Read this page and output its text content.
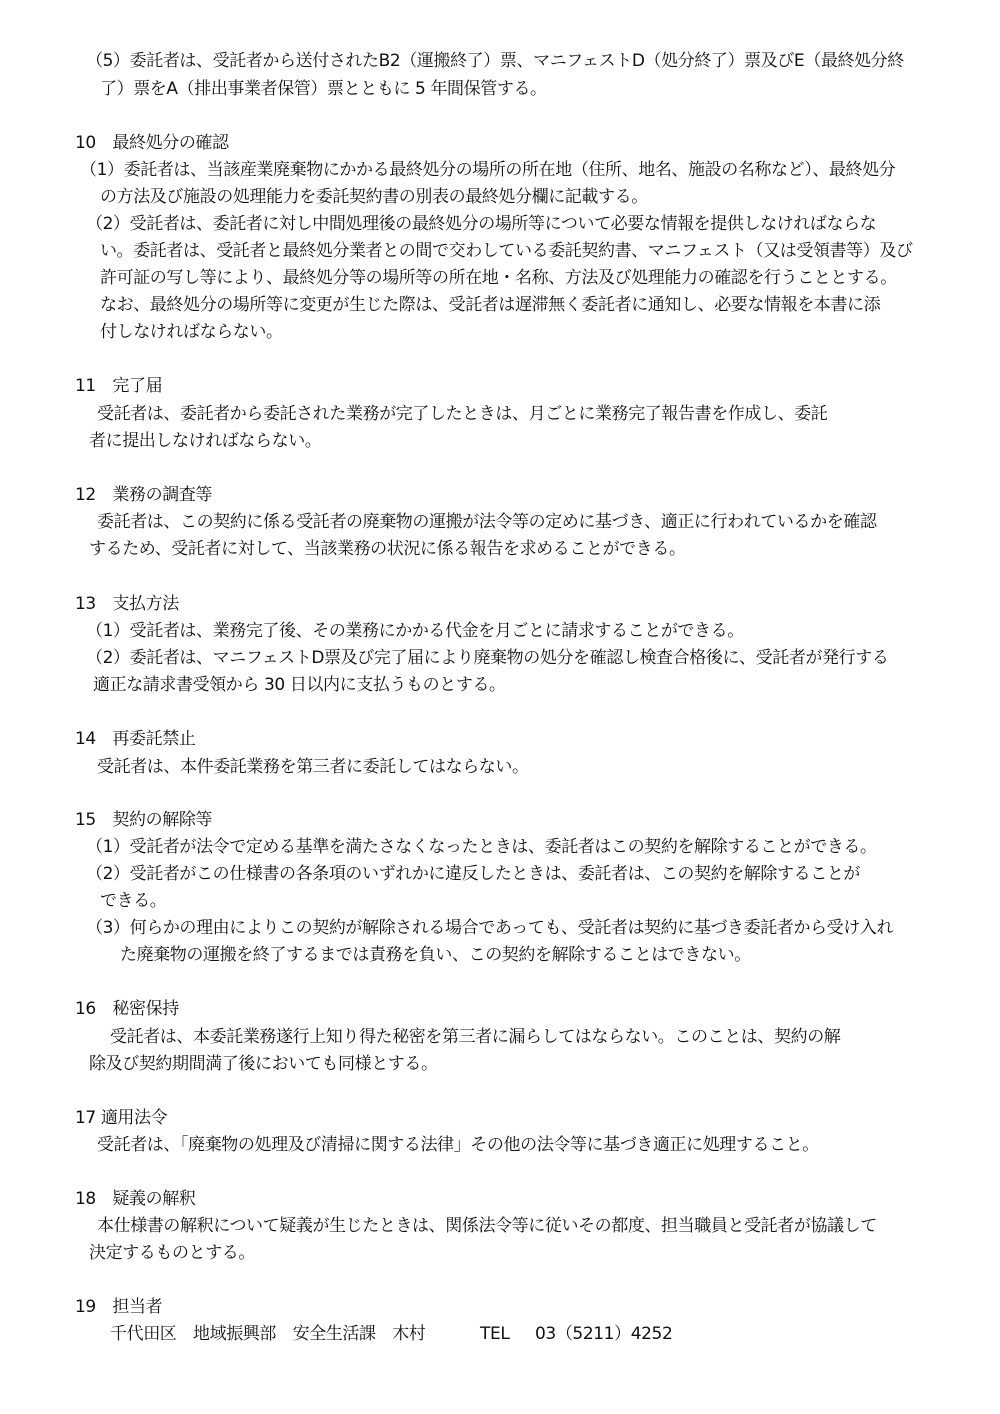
（5）委託者は、受託者から送付されたB2（運搬終了）票、マニフェストD（処分終了）票及びE（最終処分終
了）票をA（排出事業者保管）票とともに 5 年間保管する。
10　最終処分の確認
（1）委託者は、当該産業廃棄物にかかる最終処分の場所の所在地（住所、地名、施設の名称など）、最終処分
の方法及び施設の処理能力を委託契約書の別表の最終処分欄に記載する。
（2）受託者は、委託者に対し中間処理後の最終処分の場所等について必要な情報を提供しなければならな
い。委託者は、受託者と最終処分業者との間で交わしている委託契約書、マニフェスト（又は受領書等）及び
許可証の写し等により、最終処分等の場所等の所在地・名称、方法及び処理能力の確認を行うこととする。
なお、最終処分の場所等に変更が生じた際は、受託者は遅滞無く委託者に通知し、必要な情報を本書に添
付しなければならない。
11　完了届
受託者は、委託者から委託された業務が完了したときは、月ごとに業務完了報告書を作成し、委託
者に提出しなければならない。
12　業務の調査等
委託者は、この契約に係る受託者の廃棄物の運搬が法令等の定めに基づき、適正に行われているかを確認
するため、受託者に対して、当該業務の状況に係る報告を求めることができる。
13　支払方法
（1）受託者は、業務完了後、その業務にかかる代金を月ごとに請求することができる。
（2）委託者は、マニフェストD票及び完了届により廃棄物の処分を確認し検査合格後に、受託者が発行する
適正な請求書受領から 30 日以内に支払うものとする。
14　再委託禁止
受託者は、本件委託業務を第三者に委託してはならない。
15　契約の解除等
（1）受託者が法令で定める基準を満たさなくなったときは、委託者はこの契約を解除することができる。
（2）受託者がこの仕様書の各条項のいずれかに違反したときは、委託者は、この契約を解除することが
できる。
（3）何らかの理由によりこの契約が解除される場合であっても、受託者は契約に基づき委託者から受け入れ
た廃棄物の運搬を終了するまでは責務を負い、この契約を解除することはできない。
16　秘密保持
受託者は、本委託業務遂行上知り得た秘密を第三者に漏らしてはならない。このことは、契約の解
除及び契約期間満了後においても同様とする。
17 適用法令
受託者は、「廃棄物の処理及び清掃に関する法律」その他の法令等に基づき適正に処理すること。
18　疑義の解釈
本仕様書の解釈について疑義が生じたときは、関係法令等に従いその都度、担当職員と受託者が協議して
決定するものとする。
19　担当者
千代田区　地域振興部　安全生活課　木村	TEL 03（5211）4252
